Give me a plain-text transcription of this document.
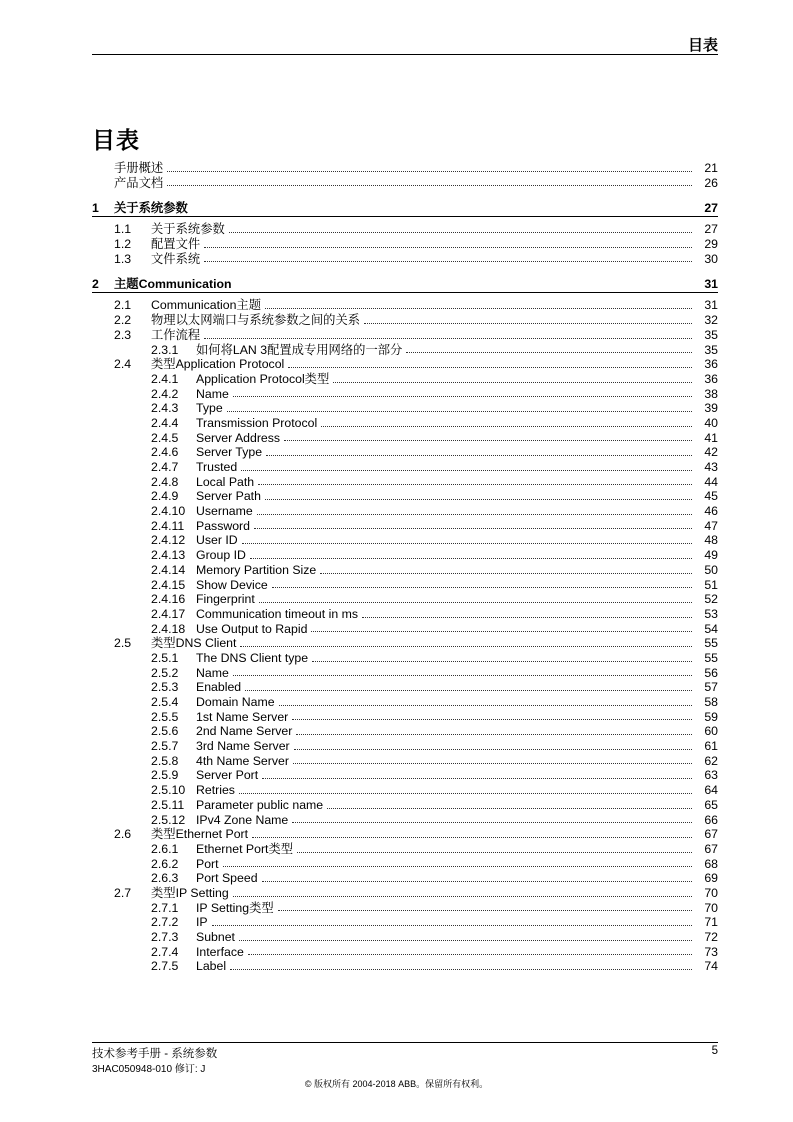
目表
目表
手册概述	21
产品文档	26
1 关于系统参数	27
1.1 关于系统参数	27
1.2 配置文件	29
1.3 文件系统	30
2 主题Communication	31
2.1 Communication主题	31
2.2 物理以太网端口与系统参数之间的关系	32
2.3 工作流程	35
2.3.1 如何将LAN 3配置成专用网络的一部分	35
2.4 类型Application Protocol	36
2.4.1 Application Protocol类型	36
2.4.2 Name	38
2.4.3 Type	39
2.4.4 Transmission Protocol	40
2.4.5 Server Address	41
2.4.6 Server Type	42
2.4.7 Trusted	43
2.4.8 Local Path	44
2.4.9 Server Path	45
2.4.10 Username	46
2.4.11 Password	47
2.4.12 User ID	48
2.4.13 Group ID	49
2.4.14 Memory Partition Size	50
2.4.15 Show Device	51
2.4.16 Fingerprint	52
2.4.17 Communication timeout in ms	53
2.4.18 Use Output to Rapid	54
2.5 类型DNS Client	55
2.5.1 The DNS Client type	55
2.5.2 Name	56
2.5.3 Enabled	57
2.5.4 Domain Name	58
2.5.5 1st Name Server	59
2.5.6 2nd Name Server	60
2.5.7 3rd Name Server	61
2.5.8 4th Name Server	62
2.5.9 Server Port	63
2.5.10 Retries	64
2.5.11 Parameter public name	65
2.5.12 IPv4 Zone Name	66
2.6 类型Ethernet Port	67
2.6.1 Ethernet Port类型	67
2.6.2 Port	68
2.6.3 Port Speed	69
2.7 类型IP Setting	70
2.7.1 IP Setting类型	70
2.7.2 IP	71
2.7.3 Subnet	72
2.7.4 Interface	73
2.7.5 Label	74
技术参考手册 - 系统参数
3HAC050948-010 修订: J
5
© 版权所有 2004-2018 ABB。保留所有权利。
